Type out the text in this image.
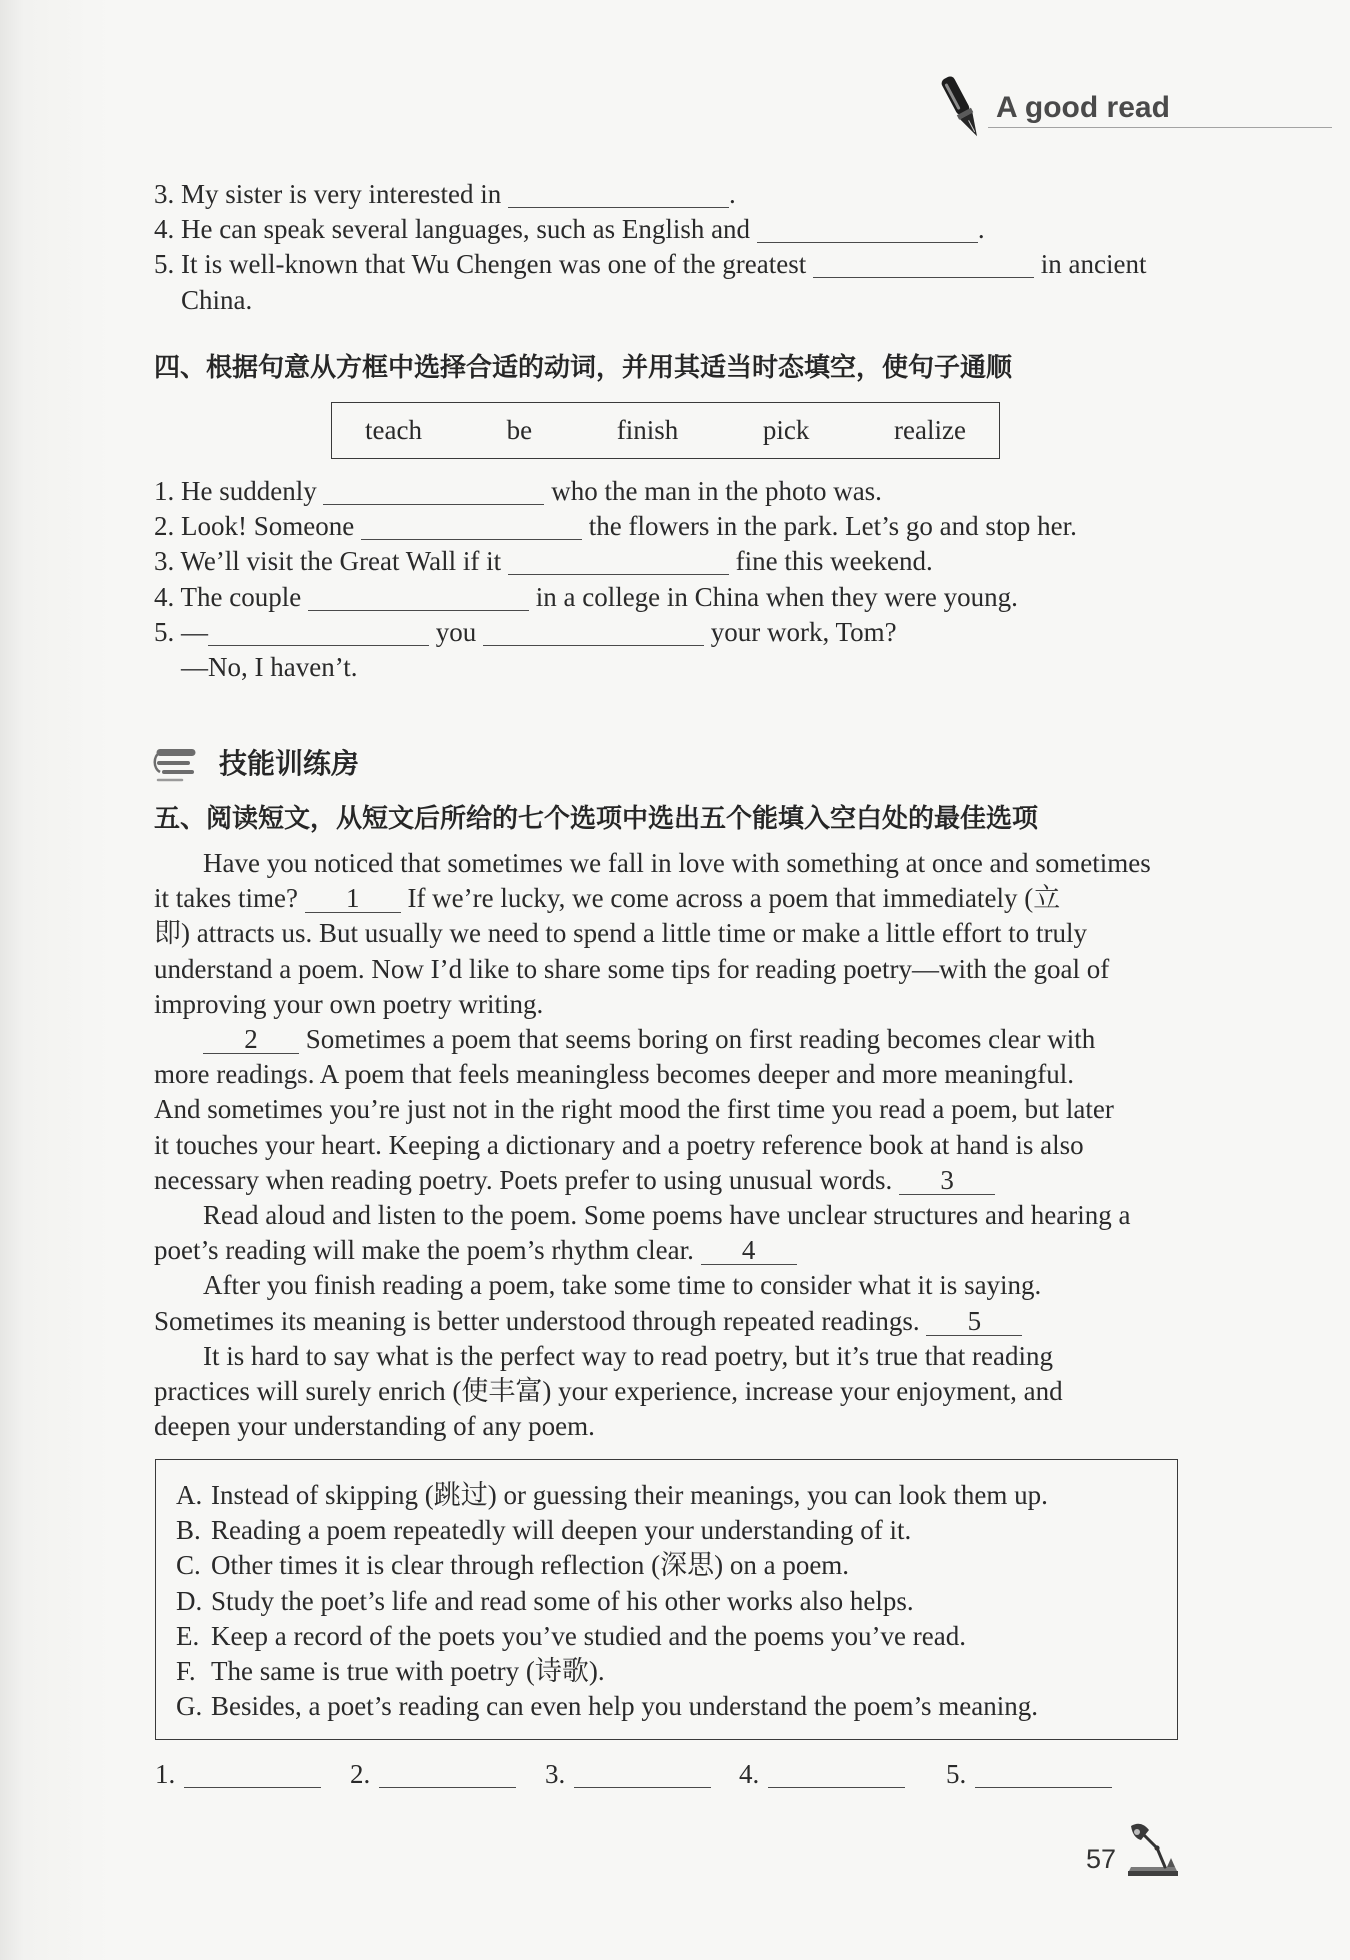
A good read
3. My sister is very interested in	.
4. He can speak several languages, such as English and	.
5. It is well-known that Wu Chengen was one of the greatest	in ancient
China.
四、根据句意从方框中选择合适的动词，并用其适当时态填空，使句子通顺
teach	be	finish	pick	realize
1. He suddenly	who the man in the photo was.
2. Look! Someone	the flowers in the park. Let’s go and stop her.
3. We’ll visit the Great Wall if it	fine this weekend.
4. The couple	in a college in China when they were young.
5. —	you	your work, Tom?
—No, I haven’t.
技能训练房
五、阅读短文，从短文后所给的七个选项中选出五个能填入空白处的最佳选项
Have you noticed that sometimes we fall in love with something at once and sometimes
it takes time? 1 If we’re lucky, we come across a poem that immediately (立
即) attracts us. But usually we need to spend a little time or make a little effort to truly
understand a poem. Now I’d like to share some tips for reading poetry—with the goal of
improving your own poetry writing.
2 Sometimes a poem that seems boring on first reading becomes clear with
more readings. A poem that feels meaningless becomes deeper and more meaningful.
And sometimes you’re just not in the right mood the first time you read a poem, but later
it touches your heart. Keeping a dictionary and a poetry reference book at hand is also
necessary when reading poetry. Poets prefer to using unusual words. 3
Read aloud and listen to the poem. Some poems have unclear structures and hearing a
poet’s reading will make the poem’s rhythm clear. 4
After you finish reading a poem, take some time to consider what it is saying.
Sometimes its meaning is better understood through repeated readings. 5
It is hard to say what is the perfect way to read poetry, but it’s true that reading
practices will surely enrich (使丰富) your experience, increase your enjoyment, and
deepen your understanding of any poem.
A. Instead of skipping (跳过) or guessing their meanings, you can look them up.
B. Reading a poem repeatedly will deepen your understanding of it.
C. Other times it is clear through reflection (深思) on a poem.
D. Study the poet’s life and read some of his other works also helps.
E. Keep a record of the poets you’ve studied and the poems you’ve read.
F. The same is true with poetry (诗歌).
G. Besides, a poet’s reading can even help you understand the poem’s meaning.
1.	2.	3.	4.	5.
57
